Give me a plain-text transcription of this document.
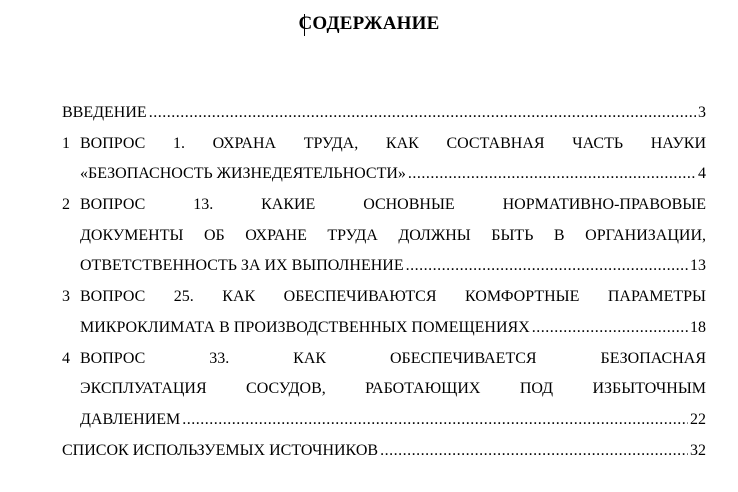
СОДЕРЖАНИЕ
ВВЕДЕНИЕ .....	3
1 ВОПРОС 1. ОХРАНА ТРУДА, КАК СОСТАВНАЯ ЧАСТЬ НАУКИ
«БЕЗОПАСНОСТЬ ЖИЗНЕДЕЯТЕЛЬНОСТИ» .....	4
2 ВОПРОС 13. КАКИЕ ОСНОВНЫЕ НОРМАТИВНО-ПРАВОВЫЕ
ДОКУМЕНТЫ ОБ ОХРАНЕ ТРУДА ДОЛЖНЫ БЫТЬ В ОРГАНИЗАЦИИ,
ОТВЕТСТВЕННОСТЬ ЗА ИХ ВЫПОЛНЕНИЕ .....	13
3 ВОПРОС 25. КАК ОБЕСПЕЧИВАЮТСЯ КОМФОРТНЫЕ ПАРАМЕТРЫ
МИКРОКЛИМАТА В ПРОИЗВОДСТВЕННЫХ ПОМЕЩЕНИЯХ .....	18
4 ВОПРОС 33. КАК ОБЕСПЕЧИВАЕТСЯ БЕЗОПАСНАЯ
ЭКСПЛУАТАЦИЯ СОСУДОВ, РАБОТАЮЩИХ ПОД ИЗБЫТОЧНЫМ
ДАВЛЕНИЕМ .....	22
СПИСОК ИСПОЛЬЗУЕМЫХ ИСТОЧНИКОВ .....	32
